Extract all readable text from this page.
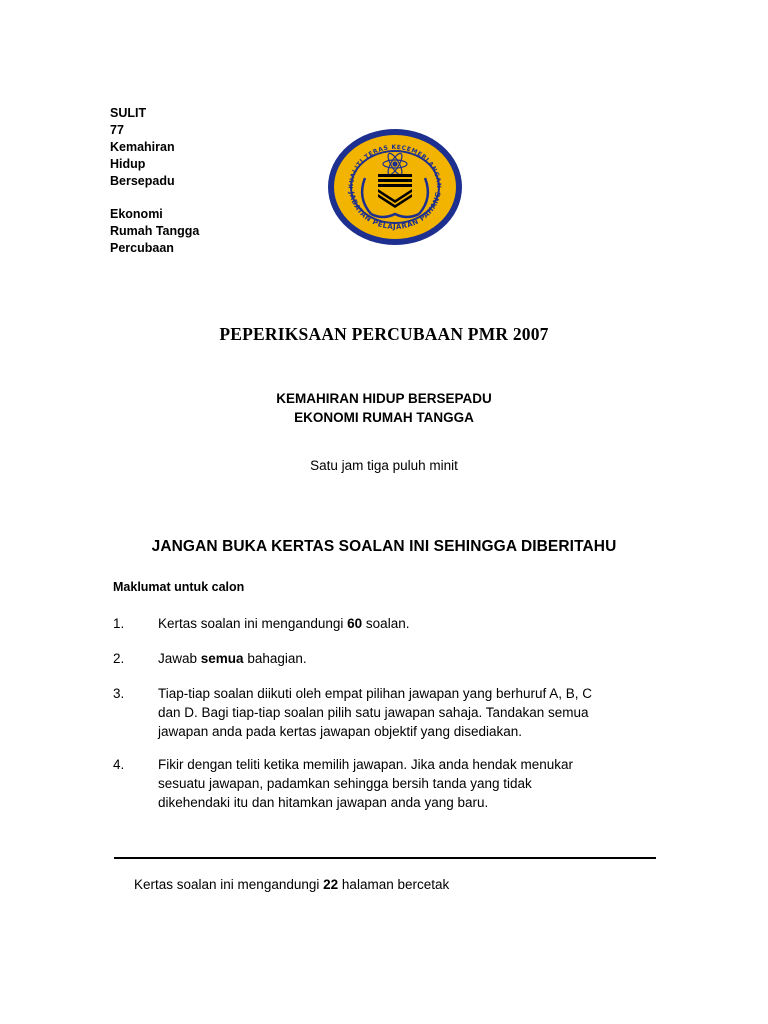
SULIT
77
Kemahiran
Hidup
Bersepadu
Ekonomi
Rumah Tangga
Percubaan
KUALITI TERAS KECEMERLANGAN
JABATAN PELAJARAN PAHANG
PEPERIKSAAN PERCUBAAN PMR 2007
KEMAHIRAN HIDUP BERSEPADU
EKONOMI RUMAH TANGGA
Satu jam tiga puluh minit
JANGAN BUKA KERTAS SOALAN INI SEHINGGA DIBERITAHU
Maklumat untuk calon
1. Kertas soalan ini mengandungi 60 soalan.
2. Jawab semua bahagian.
3. Tiap-tiap soalan diikuti oleh empat pilihan jawapan yang berhuruf A, B, C
dan D. Bagi tiap-tiap soalan pilih satu jawapan sahaja. Tandakan semua
jawapan anda pada kertas jawapan objektif yang disediakan.
4. Fikir dengan teliti ketika memilih jawapan. Jika anda hendak menukar
sesuatu jawapan, padamkan sehingga bersih tanda yang tidak
dikehendaki itu dan hitamkan jawapan anda yang baru.
Kertas soalan ini mengandungi 22 halaman bercetak
